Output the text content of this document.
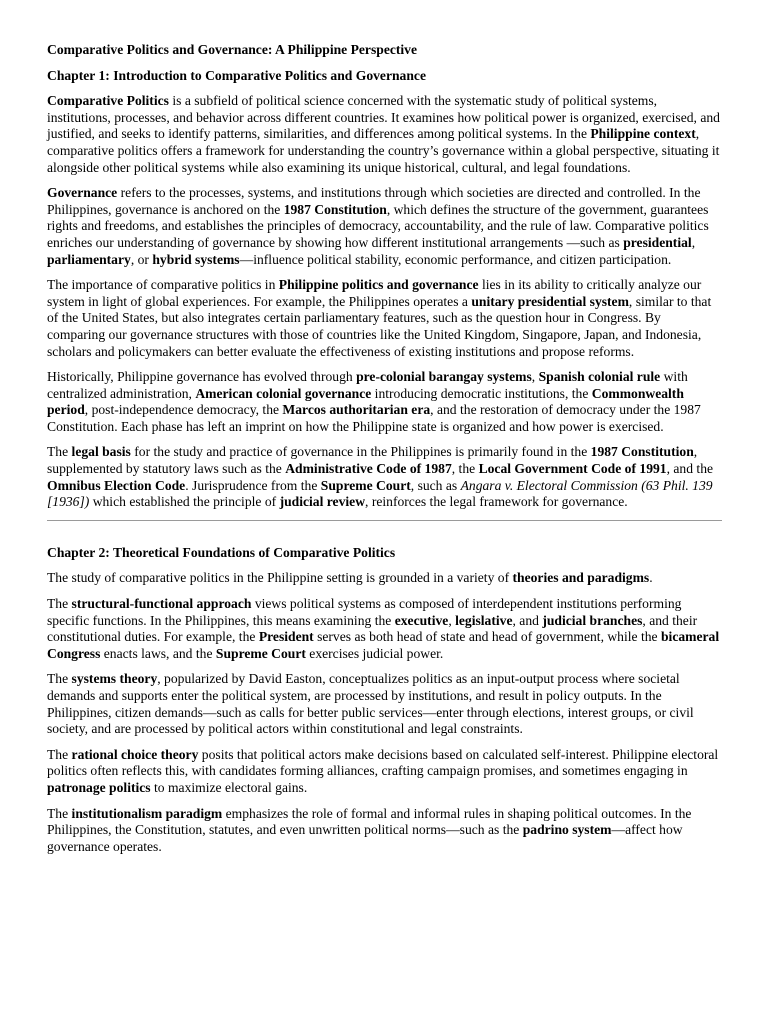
Comparative Politics and Governance: A Philippine Perspective
Chapter 1: Introduction to Comparative Politics and Governance

Comparative Politics is a subfield of political science concerned with the systematic study of political systems, institutions, processes, and behavior across different countries. It examines how political power is organized, exercised, and justified, and seeks to identify patterns, similarities, and differences among political systems. In the Philippine context, comparative politics offers a framework for understanding the country’s governance within a global perspective, situating it alongside other political systems while also examining its unique historical, cultural, and legal foundations.

Governance refers to the processes, systems, and institutions through which societies are directed and controlled. In the Philippines, governance is anchored on the 1987 Constitution, which defines the structure of the government, guarantees rights and freedoms, and establishes the principles of democracy, accountability, and the rule of law. Comparative politics enriches our understanding of governance by showing how different institutional arrangements —such as presidential, parliamentary, or hybrid systems—influence political stability, economic performance, and citizen participation.

The importance of comparative politics in Philippine politics and governance lies in its ability to critically analyze our system in light of global experiences. For example, the Philippines operates a unitary presidential system, similar to that of the United States, but also integrates certain parliamentary features, such as the question hour in Congress. By comparing our governance structures with those of countries like the United Kingdom, Singapore, Japan, and Indonesia, scholars and policymakers can better evaluate the effectiveness of existing institutions and propose reforms.

Historically, Philippine governance has evolved through pre-colonial barangay systems, Spanish colonial rule with centralized administration, American colonial governance introducing democratic institutions, the Commonwealth period, post-independence democracy, the Marcos authoritarian era, and the restoration of democracy under the 1987 Constitution. Each phase has left an imprint on how the Philippine state is organized and how power is exercised.

The legal basis for the study and practice of governance in the Philippines is primarily found in the 1987 Constitution, supplemented by statutory laws such as the Administrative Code of 1987, the Local Government Code of 1991, and the Omnibus Election Code. Jurisprudence from the Supreme Court, such as Angara v. Electoral Commission (63 Phil. 139 [1936]) which established the principle of judicial review, reinforces the legal framework for governance.

Chapter 2: Theoretical Foundations of Comparative Politics

The study of comparative politics in the Philippine setting is grounded in a variety of theories and paradigms.

The structural-functional approach views political systems as composed of interdependent institutions performing specific functions. In the Philippines, this means examining the executive, legislative, and judicial branches, and their constitutional duties. For example, the President serves as both head of state and head of government, while the bicameral Congress enacts laws, and the Supreme Court exercises judicial power.

The systems theory, popularized by David Easton, conceptualizes politics as an input-output process where societal demands and supports enter the political system, are processed by institutions, and result in policy outputs. In the Philippines, citizen demands—such as calls for better public services—enter through elections, interest groups, or civil society, and are processed by political actors within constitutional and legal constraints.

The rational choice theory posits that political actors make decisions based on calculated self-interest. Philippine electoral politics often reflects this, with candidates forming alliances, crafting campaign promises, and sometimes engaging in patronage politics to maximize electoral gains.

The institutionalism paradigm emphasizes the role of formal and informal rules in shaping political outcomes. In the Philippines, the Constitution, statutes, and even unwritten political norms—such as the padrino system—affect how governance operates.
